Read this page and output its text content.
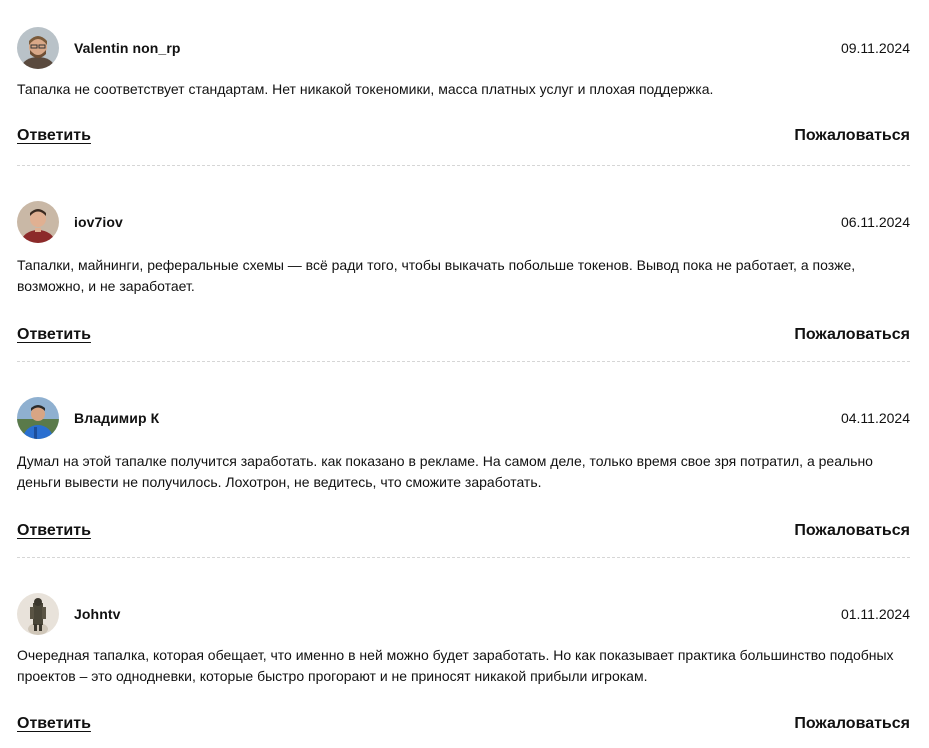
Valentin non_rp	09.11.2024

Тапалка не соответствует стандартам. Нет никакой токеномики, масса платных услуг и плохая поддержка.

Ответить	Пожаловаться
iov7iov	06.11.2024

Тапалки, майнинги, реферальные схемы — всё ради того, чтобы выкачать побольше токенов. Вывод пока не работает, а позже, возможно, и не заработает.

Ответить	Пожаловаться
Владимир К	04.11.2024

Думал на этой тапалке получится заработать. как показано в рекламе. На самом деле, только время свое зря потратил, а реально деньги вывести не получилось. Лохотрон, не ведитесь, что сможите заработать.

Ответить	Пожаловаться
Johntv	01.11.2024

Очередная тапалка, которая обещает, что именно в ней можно будет заработать. Но как показывает практика большинство подобных проектов – это однодневки, которые быстро прогорают и не приносят никакой прибыли игрокам.

Ответить	Пожаловаться
